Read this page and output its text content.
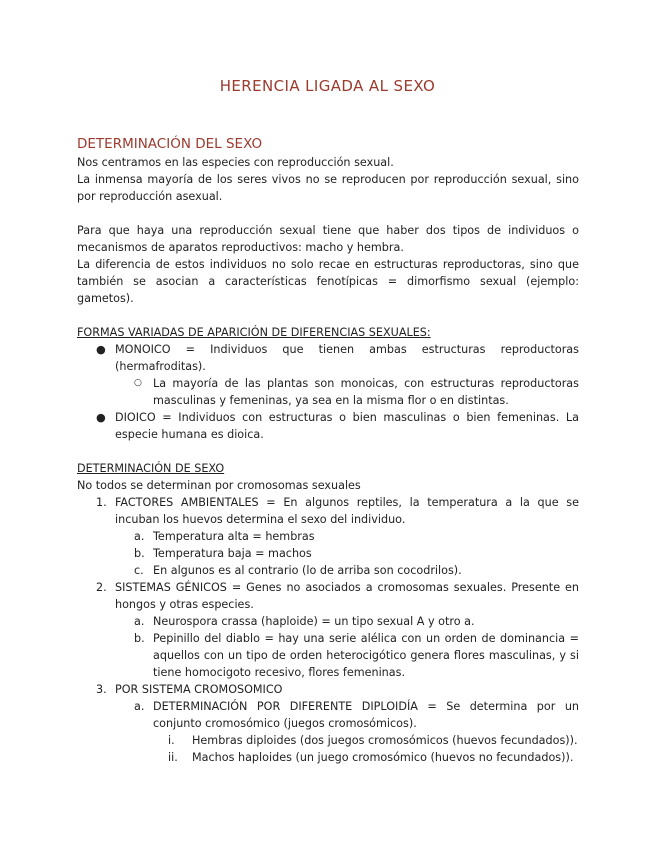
HERENCIA LIGADA AL SEXO
DETERMINACIÓN DEL SEXO

Nos centramos en las especies con reproducción sexual.

La inmensa mayoría de los seres vivos no se reproducen por reproducción sexual, sino por reproducción asexual.

Para que haya una reproducción sexual tiene que haber dos tipos de individuos o mecanismos de aparatos reproductivos: macho y hembra.

La diferencia de estos individuos no solo recae en estructuras reproductoras, sino que también se asocian a características fenotípicas = dimorfismo sexual (ejemplo: gametos).

FORMAS VARIADAS DE APARICIÓN DE DIFERENCIAS SEXUALES:

● MONOICO = Individuos que tienen ambas estructuras reproductoras (hermafroditas).
○ La mayoría de las plantas son monoicas, con estructuras reproductoras masculinas y femeninas, ya sea en la misma flor o en distintas.
● DIOICO = Individuos con estructuras o bien masculinas o bien femeninas. La especie humana es dioica.

DETERMINACIÓN DE SEXO

No todos se determinan por cromosomas sexuales

1. FACTORES AMBIENTALES = En algunos reptiles, la temperatura a la que se incuban los huevos determina el sexo del individuo.
a. Temperatura alta = hembras
b. Temperatura baja = machos
c. En algunos es al contrario (lo de arriba son cocodrilos).
2. SISTEMAS GÉNICOS = Genes no asociados a cromosomas sexuales. Presente en hongos y otras especies.
a. Neurospora crassa (haploide) = un tipo sexual A y otro a.
b. Pepinillo del diablo = hay una serie alélica con un orden de dominancia = aquellos con un tipo de orden heterocigótico genera flores masculinas, y si tiene homocigoto recesivo, flores femeninas.
3. POR SISTEMA CROMOSOMICO
a. DETERMINACIÓN POR DIFERENTE DIPLOIDÍA = Se determina por un conjunto cromosómico (juegos cromosómicos).
i.	Hembras diploides (dos juegos cromosómicos (huevos fecundados)).
ii.	Machos haploides (un juego cromosómico (huevos no fecundados)).
